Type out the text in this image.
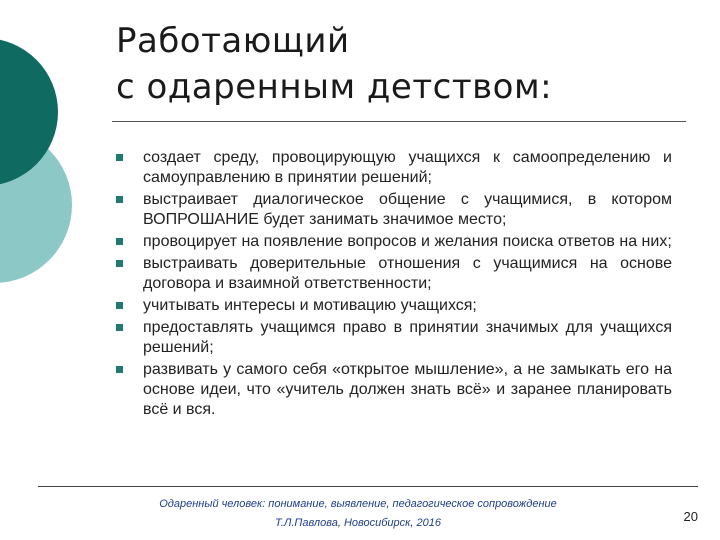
Работающий
с одаренным детством:
создает среду, провоцирующую учащихся к самоопределению и самоуправлению в принятии решений;
выстраивает диалогическое общение с учащимися, в котором ВОПРОШАНИЕ будет занимать значимое место;
провоцирует на появление вопросов и желания поиска ответов на них;
выстраивать доверительные отношения с учащимися на основе договора и взаимной ответственности;
учитывать интересы и мотивацию учащихся;
предоставлять учащимся право в принятии значимых для учащихся решений;
развивать у самого себя «открытое мышление», а не замыкать его на основе идеи, что «учитель должен знать всё» и заранее планировать всё и вся.
Одаренный человек: понимание, выявление, педагогическое сопровождение
Т.Л.Павлова, Новосибирск, 2016	20
